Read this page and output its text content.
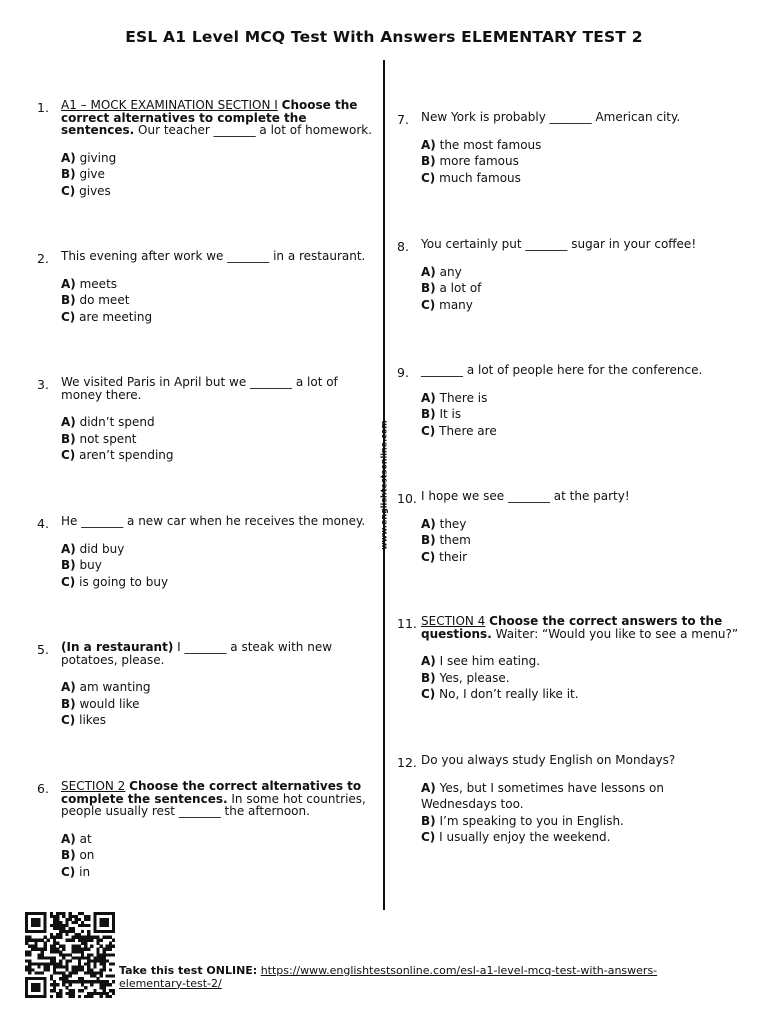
ESL A1 Level MCQ Test With Answers ELEMENTARY TEST 2
www.englishtestsonline.com
1. A1 – MOCK EXAMINATION SECTION I Choose the correct alternatives to complete the sentences. Our teacher _______ a lot of homework.
A) giving
B) give
C) gives
2. This evening after work we _______ in a restaurant.
A) meets
B) do meet
C) are meeting
3. We visited Paris in April but we _______ a lot of money there.
A) didn’t spend
B) not spent
C) aren’t spending
4. He _______ a new car when he receives the money.
A) did buy
B) buy
C) is going to buy
5. (In a restaurant) I _______ a steak with new potatoes, please.
A) am wanting
B) would like
C) likes
6. SECTION 2 Choose the correct alternatives to complete the sentences. In some hot countries, people usually rest _______ the afternoon.
A) at
B) on
C) in
7. New York is probably _______ American city.
A) the most famous
B) more famous
C) much famous
8. You certainly put _______ sugar in your coffee!
A) any
B) a lot of
C) many
9. _______ a lot of people here for the conference.
A) There is
B) It is
C) There are
10. I hope we see _______ at the party!
A) they
B) them
C) their
11. SECTION 4 Choose the correct answers to the questions. Waiter: “Would you like to see a menu?”
A) I see him eating.
B) Yes, please.
C) No, I don’t really like it.
12. Do you always study English on Mondays?
A) Yes, but I sometimes have lessons on Wednesdays too.
B) I’m speaking to you in English.
C) I usually enjoy the weekend.
Take this test ONLINE: https://www.englishtestsonline.com/esl-a1-level-mcq-test-with-answers-elementary-test-2/
